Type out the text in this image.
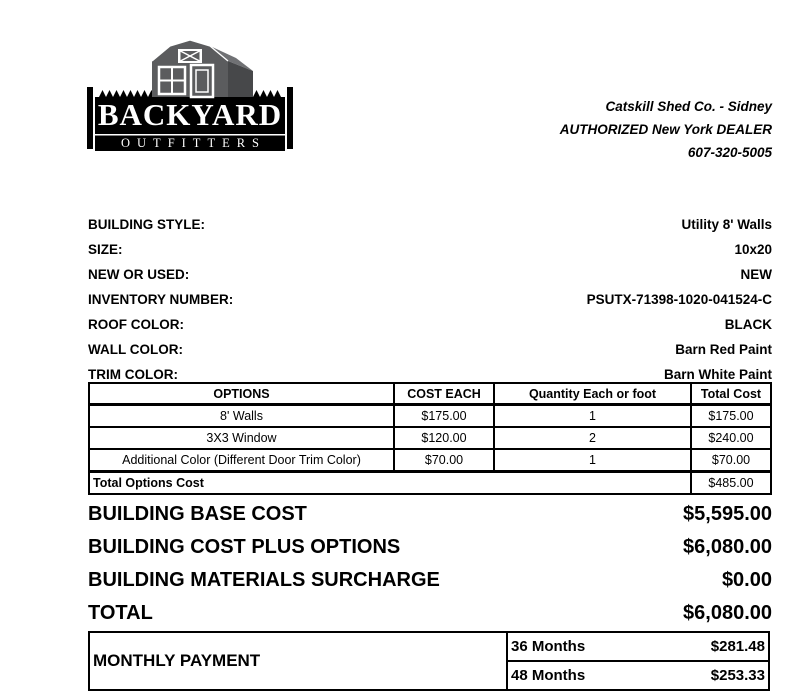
BACKYARD
OUTFITTERS
Catskill Shed Co. - Sidney
AUTHORIZED New York DEALER
607-320-5005
BUILDING STYLE:	Utility 8' Walls
SIZE:	10x20
NEW OR USED:	NEW
INVENTORY NUMBER:	PSUTX-71398-1020-041524-C
ROOF COLOR:	BLACK
WALL COLOR:	Barn Red Paint
TRIM COLOR:	Barn White Paint
OPTIONS	COST EACH	Quantity Each or foot	Total Cost
8' Walls	$175.00	1	$175.00
3X3 Window	$120.00	2	$240.00
Additional Color (Different Door Trim Color)	$70.00	1	$70.00
Total Options Cost			$485.00
BUILDING BASE COST	$5,595.00
BUILDING COST PLUS OPTIONS	$6,080.00
BUILDING MATERIALS SURCHARGE	$0.00
TOTAL	$6,080.00
MONTHLY PAYMENT
36 Months	$281.48
48 Months	$253.33
